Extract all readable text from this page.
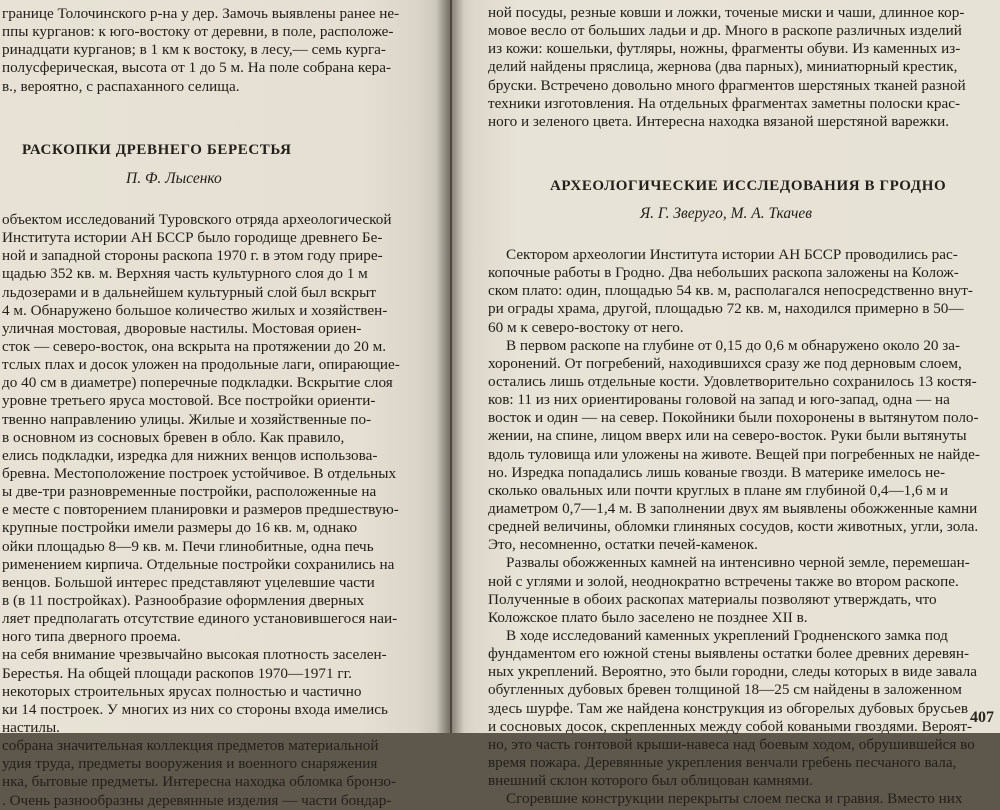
границе Толочинского р-на у дер. Замочь выявлены ранее не-
ппы курганов: к юго-востоку от деревни, в поле, расположе-
ринадцати курганов; в 1 км к востоку, в лесу,— семь курга-
полусферическая, высота от 1 до 5 м. На поле собрана кера-
в., вероятно, с распаханного селища.
РАСКОПКИ ДРЕВНЕГО БЕРЕСТЬЯ
П. Ф. Лысенко
объектом исследований Туровского отряда археологической
Института истории АН БССР было городище древнего Бе-
ной и западной стороны раскопа 1970 г. в этом году прире-
щадью 352 кв. м. Верхняя часть культурного слоя до 1 м
льдозерами и в дальнейшем культурный слой был вскрыт
4 м. Обнаружено большое количество жилых и хозяйствен-
уличная мостовая, дворовые настилы. Мостовая ориен-
сток — северо-восток, она вскрыта на протяжении до 20 м.
тслых плах и досок уложен на продольные лаги, опирающие-
до 40 см в диаметре) поперечные подкладки. Вскрытие слоя
уровне третьего яруса мостовой. Все постройки ориенти-
твенно направлению улицы. Жилые и хозяйственные по-
в основном из сосновых бревен в обло. Как правило,
елись подкладки, изредка для нижних венцов использова-
бревна. Местоположение построек устойчивое. В отдельных
ы две-три разновременные постройки, расположенные на
е месте с повторением планировки и размеров предшествую-
крупные постройки имели размеры до 16 кв. м, однако
ойки площадью 8—9 кв. м. Печи глинобитные, одна печь
рименением кирпича. Отдельные постройки сохранились на
венцов. Большой интерес представляют уцелевшие части
в (в 11 постройках). Разнообразие оформления дверных
ляет предполагать отсутствие единого установившегося наи-
ного типа дверного проема.
на себя внимание чрезвычайно высокая плотность заселен-
Берестья. На общей площади раскопов 1970—1971 гг.
некоторых строительных ярусах полностью и частично
ки 14 построек. У многих из них со стороны входа имелись
настилы.
собрана значительная коллекция предметов материальной
удия труда, предметы вооружения и военного снаряжения
нка, бытовые предметы. Интересна находка обломка бронзо-
. Очень разнообразны деревянные изделия — части бондар-
ной посуды, резные ковши и ложки, точеные миски и чаши, длинное кор-
мовое весло от больших ладьи и др. Много в раскопе различных изделий
из кожи: кошельки, футляры, ножны, фрагменты обуви. Из каменных из-
делий найдены пряслица, жернова (два парных), миниатюрный крестик,
бруски. Встречено довольно много фрагментов шерстяных тканей разной
техники изготовления. На отдельных фрагментах заметны полоски крас-
ного и зеленого цвета. Интересна находка вязаной шерстяной варежки.
АРХЕОЛОГИЧЕСКИЕ ИССЛЕДОВАНИЯ В ГРОДНО
Я. Г. Зверуго, М. А. Ткачев
Сектором археологии Института истории АН БССР проводились рас-
копочные работы в Гродно. Два небольших раскопа заложены на Колож-
ском плато: один, площадью 54 кв. м, располагался непосредственно внут-
ри ограды храма, другой, площадью 72 кв. м, находился примерно в 50—
60 м к северо-востоку от него.
В первом раскопе на глубине от 0,15 до 0,6 м обнаружено около 20 за-
хоронений. От погребений, находившихся сразу же под дерновым слоем,
остались лишь отдельные кости. Удовлетворительно сохранилось 13 костя-
ков: 11 из них ориентированы головой на запад и юго-запад, одна — на
восток и один — на север. Покойники были похоронены в вытянутом поло-
жении, на спине, лицом вверх или на северо-восток. Руки были вытянуты
вдоль туловища или уложены на животе. Вещей при погребенных не найде-
но. Изредка попадались лишь кованые гвозди. В материке имелось не-
сколько овальных или почти круглых в плане ям глубиной 0,4—1,6 м и
диаметром 0,7—1,4 м. В заполнении двух ям выявлены обожженные камни
средней величины, обломки глиняных сосудов, кости животных, угли, зола.
Это, несомненно, остатки печей-каменок.
Развалы обожженных камней на интенсивно черной земле, перемешан-
ной с углями и золой, неоднократно встречены также во втором раскопе.
Полученные в обоих раскопах материалы позволяют утверждать, что
Коложское плато было заселено не позднее XII в.
В ходе исследований каменных укреплений Гродненского замка под
фундаментом его южной стены выявлены остатки более древних деревян-
ных укреплений. Вероятно, это были городни, следы которых в виде завала
обугленных дубовых бревен толщиной 18—25 см найдены в заложенном
здесь шурфе. Там же найдена конструкция из обгорелых дубовых брусьев
и сосновых досок, скрепленных между собой коваными гвоздями. Вероят-
но, это часть гонтовой крыши-навеса над боевым ходом, обрушившейся во
время пожара. Деревянные укрепления венчали гребень песчаного вала,
внешний склон которого был облицован камнями.
Сгоревшие конструкции перекрыты слоем песка и гравия. Вместо них
407
